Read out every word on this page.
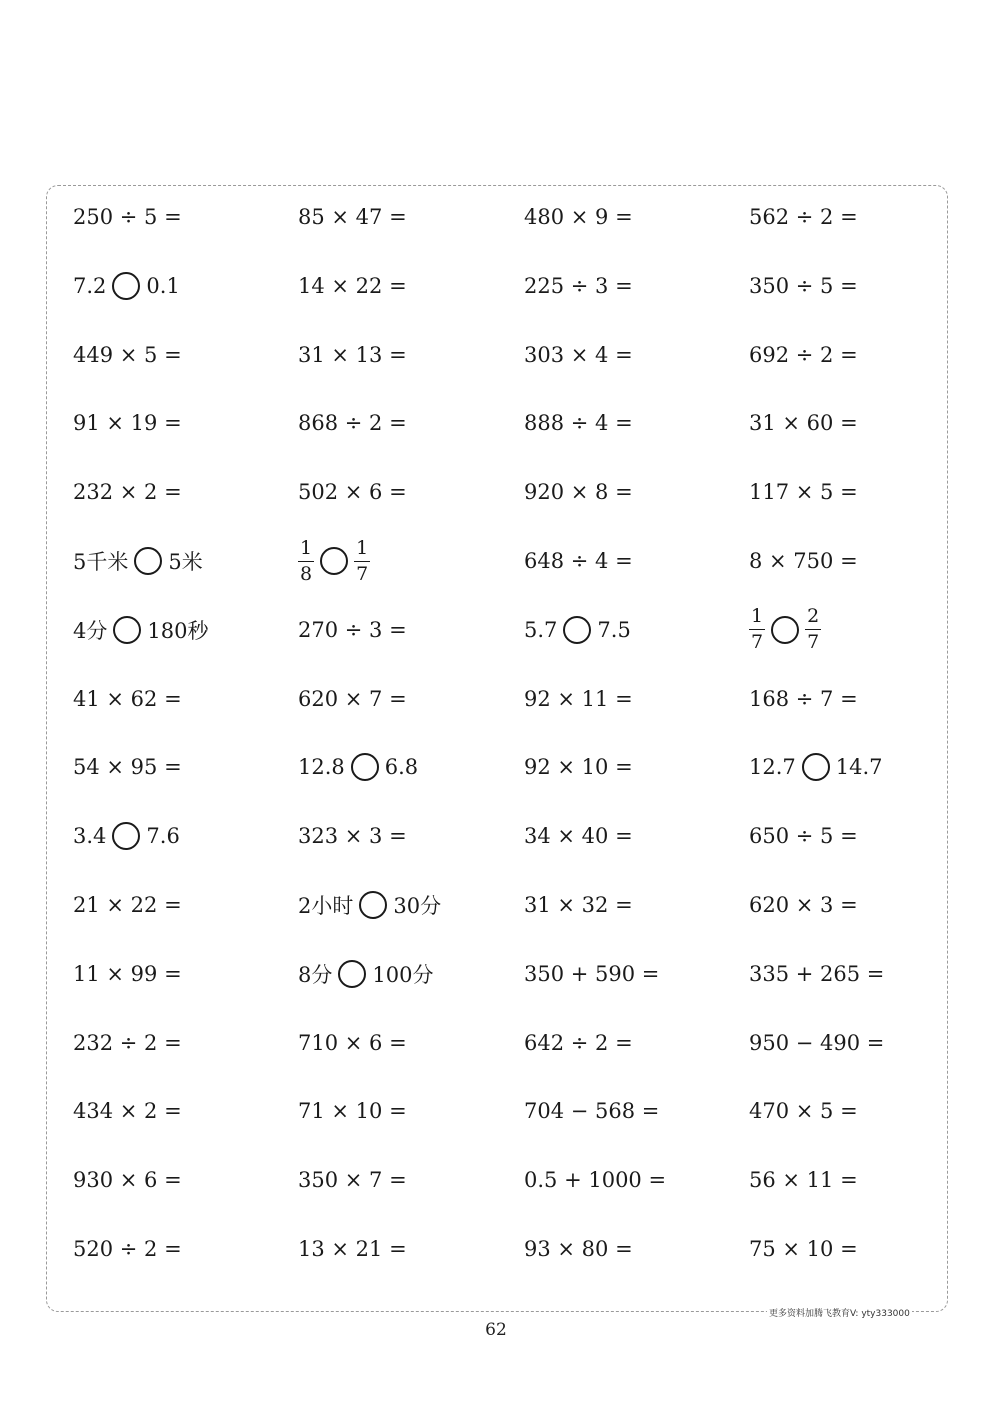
250 ÷ 5 =	85 × 47 =	480 × 9 =	562 ÷ 2 =
7.2 0.1	14 × 22 =	225 ÷ 3 =	350 ÷ 5 =
449 × 5 =	31 × 13 =	303 × 4 =	692 ÷ 2 =
91 × 19 =	868 ÷ 2 =	888 ÷ 4 =	31 × 60 =
232 × 2 =	502 × 6 =	920 × 8 =	117 × 5 =
5千米 5米	$\frac{1}{8} \frac{1}{7}$	648 ÷ 4 =	8 × 750 =
4分 180秒	270 ÷ 3 =	5.7 7.5	$\frac{1}{7} \frac{2}{7}$
41 × 62 =	620 × 7 =	92 × 11 =	168 ÷ 7 =
54 × 95 =	12.8 6.8	92 × 10 =	12.7 14.7
3.4 7.6	323 × 3 =	34 × 40 =	650 ÷ 5 =
21 × 22 =	2小时 30分	31 × 32 =	620 × 3 =
11 × 99 =	8分 100分	350 + 590 =	335 + 265 =
232 ÷ 2 =	710 × 6 =	642 ÷ 2 =	950 − 490 =
434 × 2 =	71 × 10 =	704 − 568 =	470 × 5 =
930 × 6 =	350 × 7 =	0.5 + 1000 =	56 × 11 =
520 ÷ 2 =	13 × 21 =	93 × 80 =	75 × 10 =
更多资料加腾飞教育V: yty333000
62
